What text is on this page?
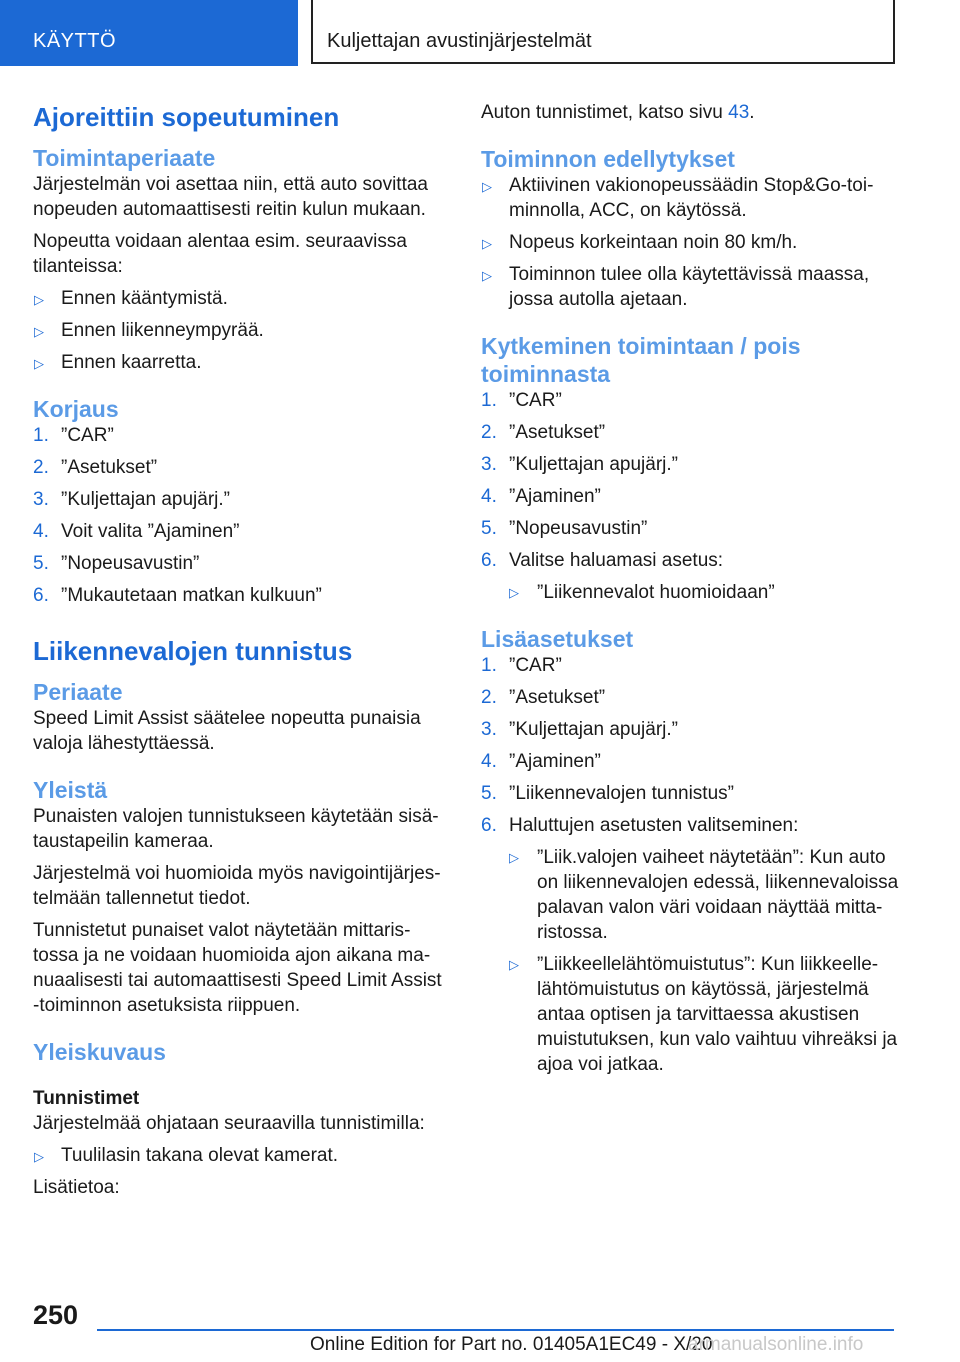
KÄYTTÖ	Kuljettajan avustinjärjestelmät
Ajoreittiin sopeutuminen
Toimintaperiaate

Järjestelmän voi asettaa niin, että auto sovittaa nopeuden automaattisesti reitin kulun mukaan.

Nopeutta voidaan alentaa esim. seuraavissa tilanteissa:

▷ Ennen kääntymistä.
▷ Ennen liikenneympyrää.
▷ Ennen kaarretta.
Korjaus
1. ”CAR”
2. ”Asetukset”
3. ”Kuljettajan apujärj.”
4. Voit valita ”Ajaminen”
5. ”Nopeusavustin”
6. ”Mukautetaan matkan kulkuun”
Liikennevalojen tunnistus
Periaate

Speed Limit Assist säätelee nopeutta punaisia valoja lähestyttäessä.

Yleistä

Punaisten valojen tunnistukseen käytetään sisätaustapeilin kameraa.

Järjestelmä voi huomioida myös navigointijärjestelmään tallennetut tiedot.

Tunnistetut punaiset valot näytetään mittaristossa ja ne voidaan huomioida ajon aikana manuaalisesti tai automaattisesti Speed Limit Assist ‑toiminnon asetuksista riippuen.

Yleiskuvaus
Tunnistimet

Järjestelmää ohjataan seuraavilla tunnistimilla:

▷ Tuulilasin takana olevat kamerat.

Lisätietoa:

Auton tunnistimet, katso sivu 43.

Toiminnon edellytykset
▷ Aktiivinen vakionopeussäädin Stop&Go-toiminnolla, ACC, on käytössä.
▷ Nopeus korkeintaan noin 80 km/h.
▷ Toiminnon tulee olla käytettävissä maassa, jossa autolla ajetaan.
Kytkeminen toimintaan / pois toiminnasta
1. ”CAR”
2. ”Asetukset”
3. ”Kuljettajan apujärj.”
4. ”Ajaminen”
5. ”Nopeusavustin”
6. Valitse haluamasi asetus:
▷ ”Liikennevalot huomioidaan”
Lisäasetukset
1. ”CAR”
2. ”Asetukset”
3. ”Kuljettajan apujärj.”
4. ”Ajaminen”
5. ”Liikennevalojen tunnistus”
6. Haluttujen asetusten valitseminen:
▷ ”Liik.valojen vaiheet näytetään”: Kun auto on liikennevalojen edessä, liikennevaloissa palavan valon väri voidaan näyttää mittaristossa.
▷ ”Liikkeellelähtömuistutus”: Kun liikkeellelähtömuistutus on käytössä, järjestelmä antaa optisen ja tarvittaessa akustisen muistutuksen, kun valo vaihtuu vihreäksi ja ajoa voi jatkaa.
250
Online Edition for Part no. 01405A1EC49 - X/20
armanualsonline.info
